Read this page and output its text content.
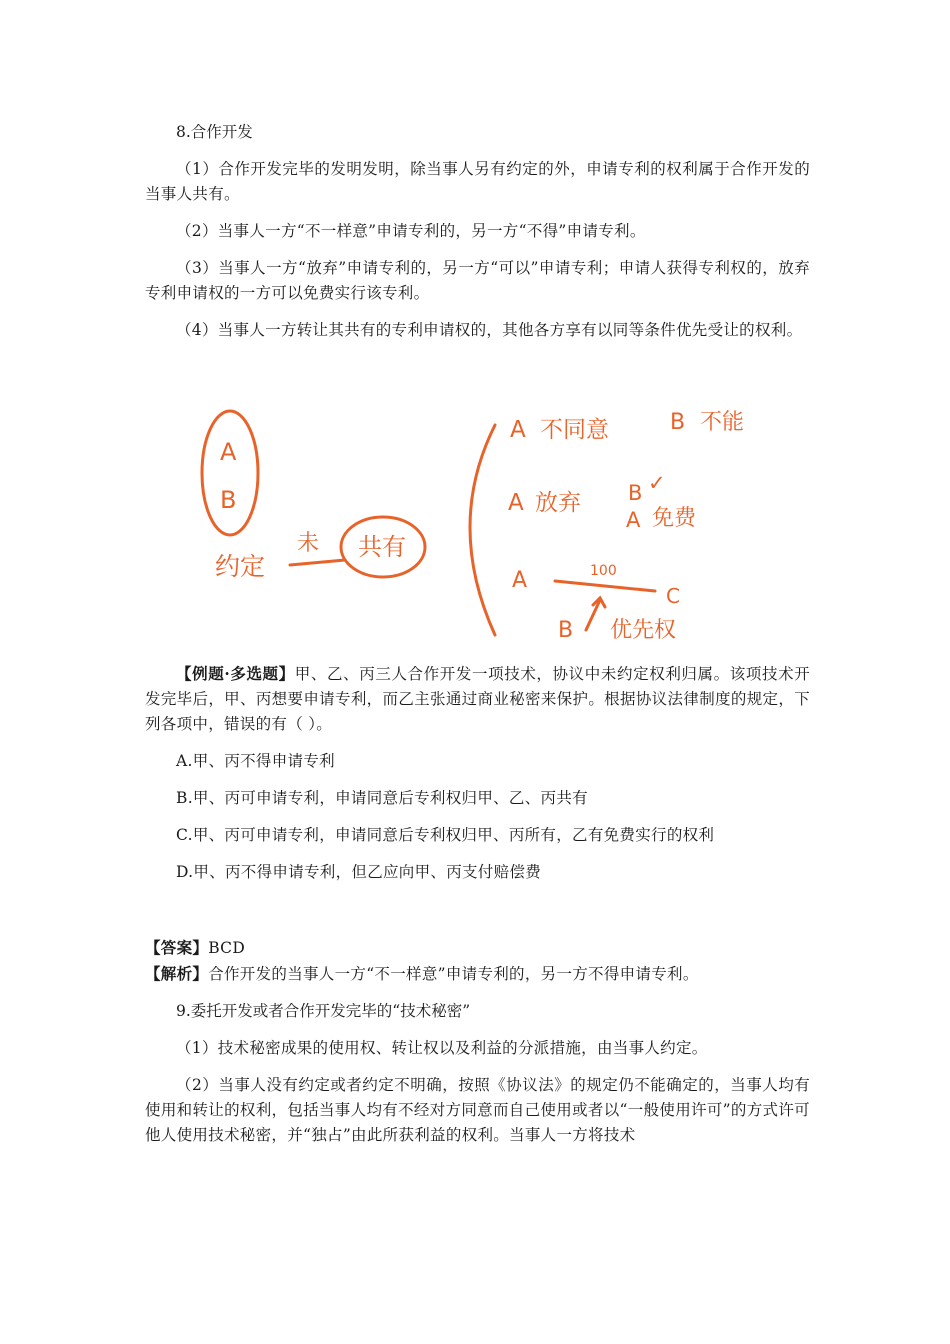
8.合作开发

（1）合作开发完毕的发明发明，除当事人另有约定的外，申请专利的权利属于合作开发的当事人共有。

（2）当事人一方“不一样意”申请专利的，另一方“不得”申请专利。

（3）当事人一方“放弃”申请专利的，另一方“可以”申请专利；申请人获得专利权的，放弃专利申请权的一方可以免费实行该专利。

（4）当事人一方转让其共有的专利申请权的，其他各方享有以同等条件优先受让的权利。

【例题·多选题】甲、乙、丙三人合作开发一项技术，协议中未约定权利归属。该项技术开发完毕后，甲、丙想要申请专利，而乙主张通过商业秘密来保护。根据协议法律制度的规定，下列各项中，错误的有（ ）。

A.甲、丙不得申请专利

B.甲、丙可申请专利，申请同意后专利权归甲、乙、丙共有

C.甲、丙可申请专利，申请同意后专利权归甲、丙所有，乙有免费实行的权利

D.甲、丙不得申请专利，但乙应向甲、丙支付赔偿费

【答案】BCD

【解析】合作开发的当事人一方“不一样意”申请专利的，另一方不得申请专利。

9.委托开发或者合作开发完毕的“技术秘密”

（1）技术秘密成果的使用权、转让权以及利益的分派措施，由当事人约定。

（2）当事人没有约定或者约定不明确，按照《协议法》的规定仍不能确定的，当事人均有使用和转让的权利，包括当事人均有不经对方同意而自己使用或者以“一般使用许可”的方式许可他人使用技术秘密，并“独占”由此所获利益的权利。当事人一方将技术

A
B
约定
未 共有
A 不同意	B 不能
A 放弃 B ✓
A 免费
A	100
C
B 优先权
